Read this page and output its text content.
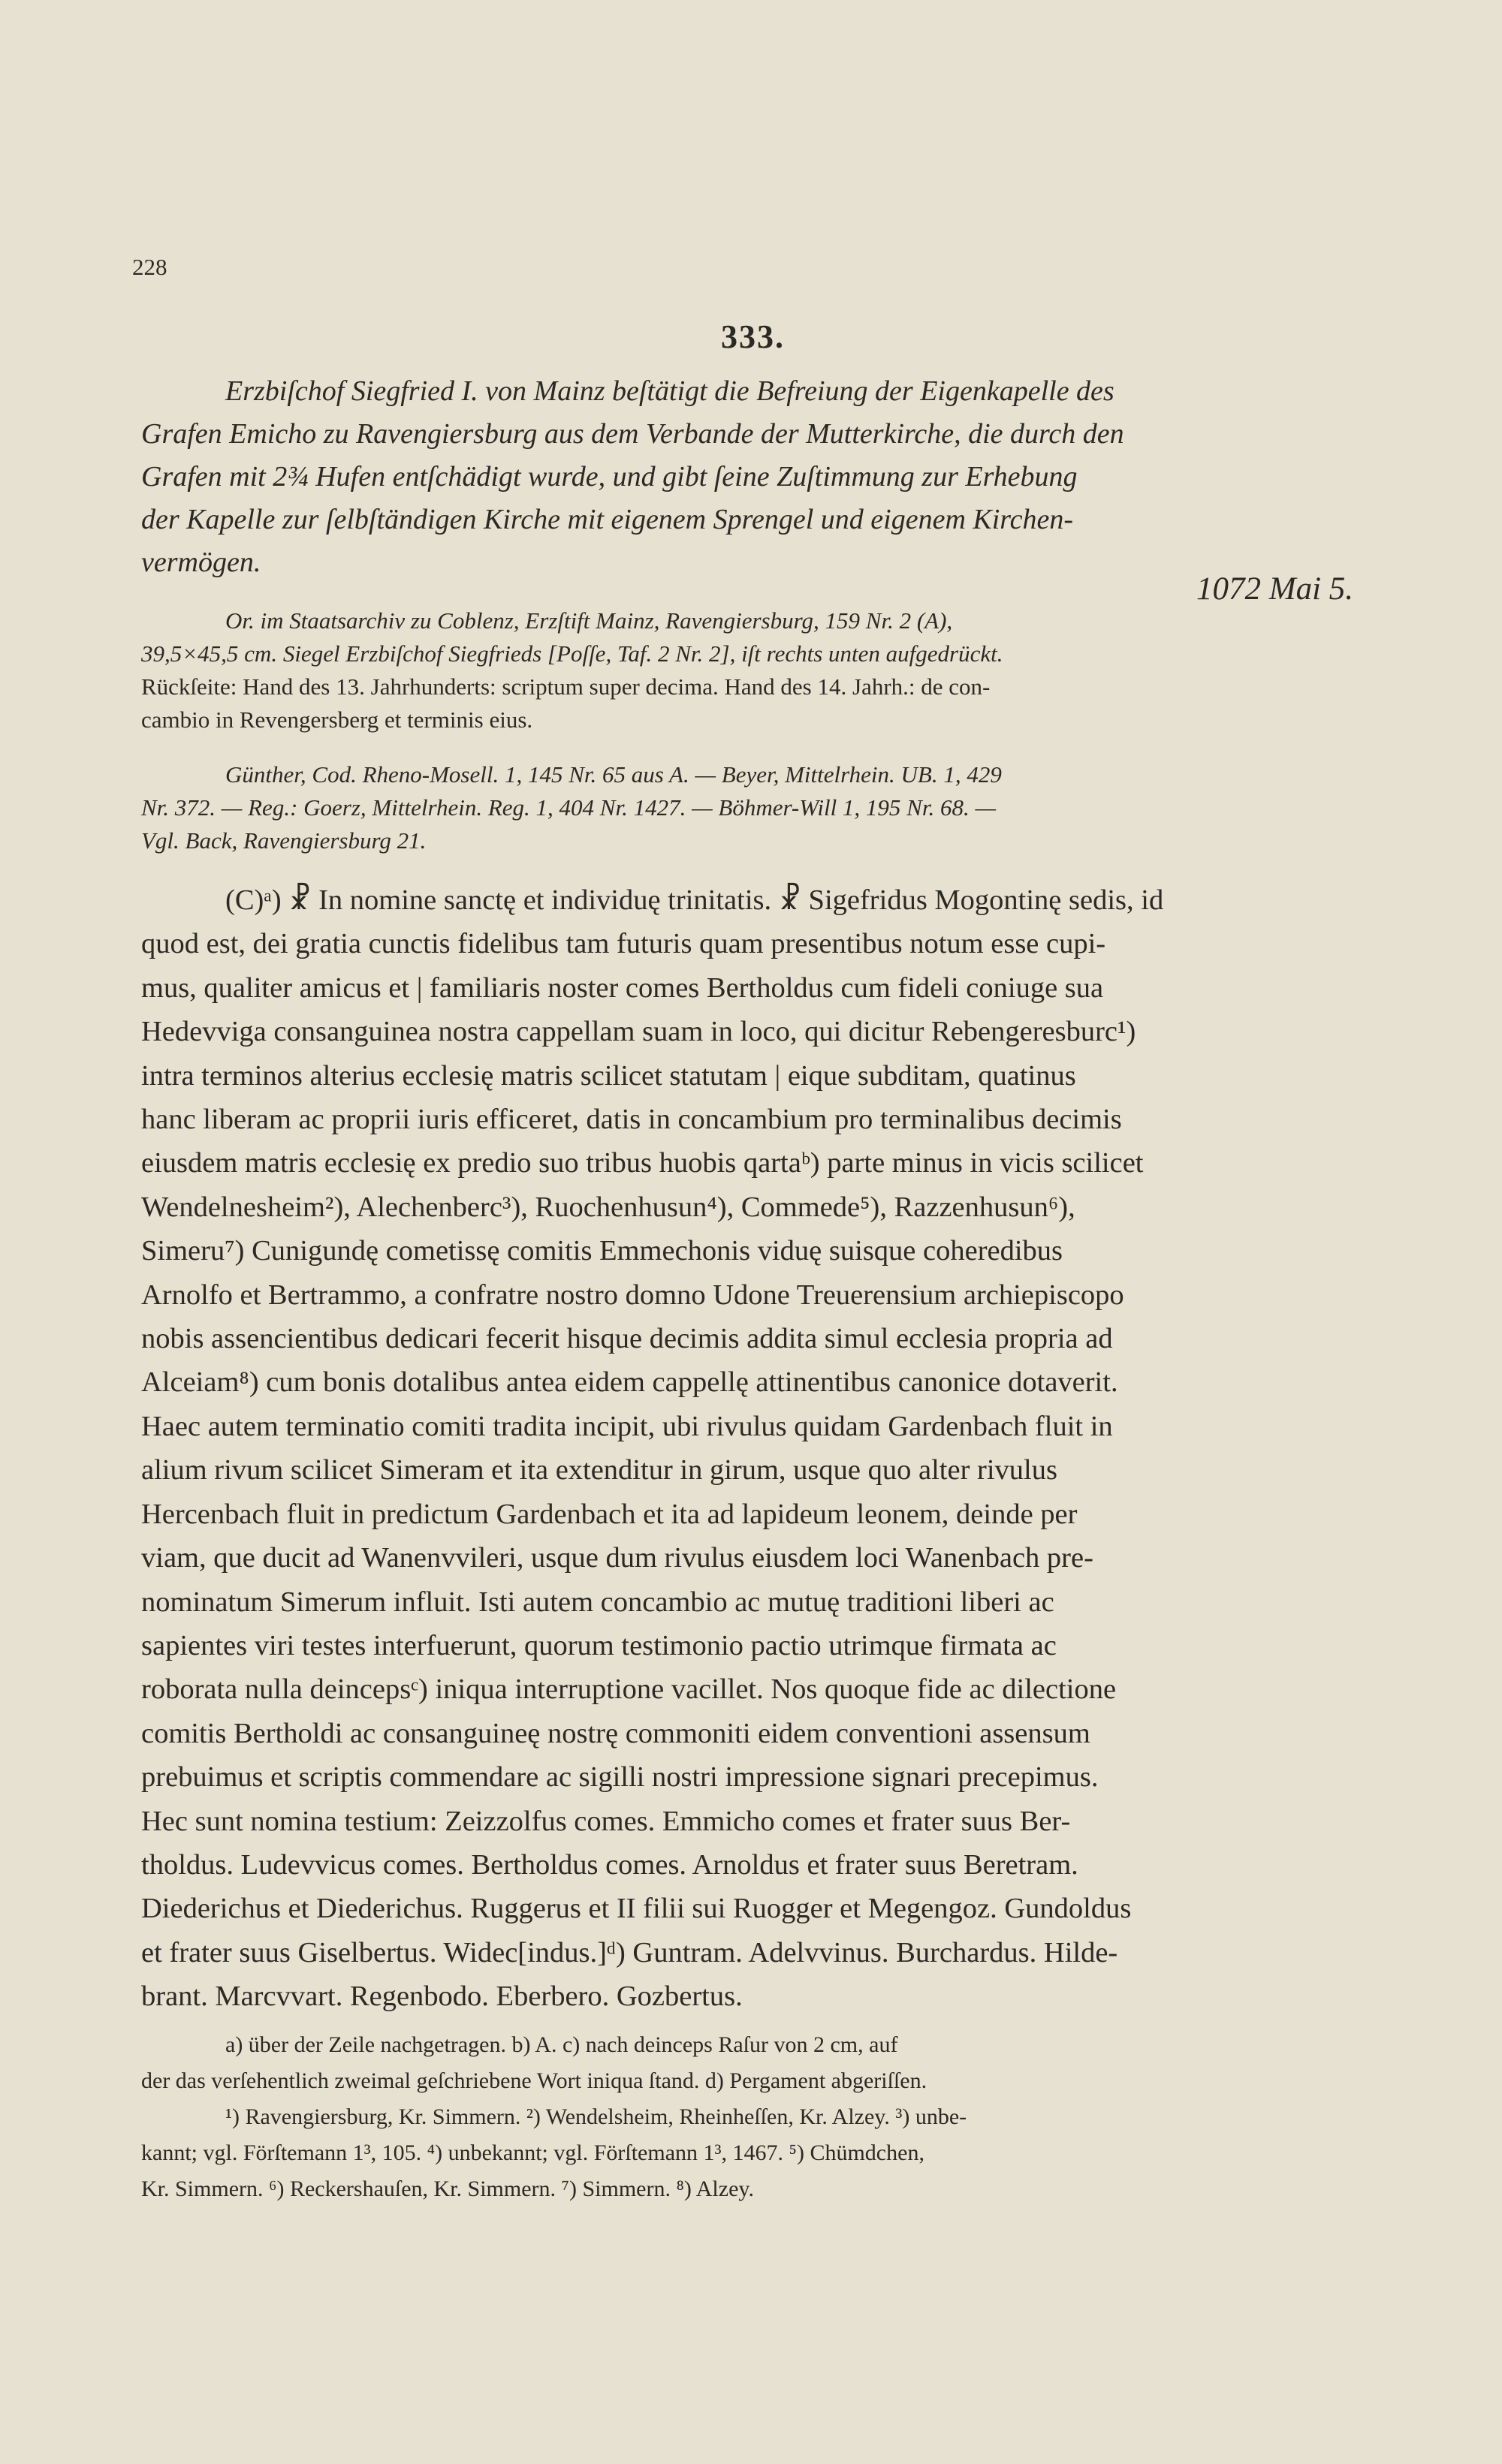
228
333.
Erzbiſchof Siegfried I. von Mainz beſtätigt die Befreiung der Eigenkapelle des
Grafen Emicho zu Ravengiersburg aus dem Verbande der Mutterkirche, die durch den
Grafen mit 2¾ Hufen entſchädigt wurde, und gibt ſeine Zuſtimmung zur Erhebung
der Kapelle zur ſelbſtändigen Kirche mit eigenem Sprengel und eigenem Kirchen-
vermögen.
1072 Mai 5.
Or. im Staatsarchiv zu Coblenz, Erzſtift Mainz, Ravengiersburg, 159 Nr. 2 (A),
39,5×45,5 cm. Siegel Erzbiſchof Siegfrieds [Poſſe, Taf. 2 Nr. 2], iſt rechts unten aufgedrückt.
Rückſeite: Hand des 13. Jahrhunderts: scriptum super decima. Hand des 14. Jahrh.: de con-
cambio in Revengersberg et terminis eius.
Günther, Cod. Rheno-Mosell. 1, 145 Nr. 65 aus A. — Beyer, Mittelrhein. UB. 1, 429
Nr. 372. — Reg.: Goerz, Mittelrhein. Reg. 1, 404 Nr. 1427. — Böhmer-Will 1, 195 Nr. 68. —
Vgl. Back, Ravengiersburg 21.
(C)ᵃ) ☧ In nomine sanctę et individuę trinitatis. ☧ Sigefridus Mogontinę sedis, id
quod est, dei gratia cunctis fidelibus tam futuris quam presentibus notum esse cupi-
mus, qualiter amicus et | familiaris noster comes Bertholdus cum fideli coniuge sua
Hedevviga consanguinea nostra cappellam suam in loco, qui dicitur Rebengeresburc¹)
intra terminos alterius ecclesię matris scilicet statutam | eique subditam, quatinus
hanc liberam ac proprii iuris efficeret, datis in concambium pro terminalibus decimis
eiusdem matris ecclesię ex predio suo tribus huobis qartaᵇ) parte minus in vicis scilicet
Wendelnesheim²), Alechenberc³), Ruochenhusun⁴), Commede⁵), Razzenhusun⁶),
Simeru⁷) Cunigundę cometissę comitis Emmechonis viduę suisque coheredibus
Arnolfo et Bertrammo, a confratre nostro domno Udone Treuerensium archiepiscopo
nobis assencientibus dedicari fecerit hisque decimis addita simul ecclesia propria ad
Alceiam⁸) cum bonis dotalibus antea eidem cappellę attinentibus canonice dotaverit.
Haec autem terminatio comiti tradita incipit, ubi rivulus quidam Gardenbach fluit in
alium rivum scilicet Simeram et ita extenditur in girum, usque quo alter rivulus
Hercenbach fluit in predictum Gardenbach et ita ad lapideum leonem, deinde per
viam, que ducit ad Wanenvvileri, usque dum rivulus eiusdem loci Wanenbach pre-
nominatum Simerum influit. Isti autem concambio ac mutuę traditioni liberi ac
sapientes viri testes interfuerunt, quorum testimonio pactio utrimque firmata ac
roborata nulla deincepsᶜ) iniqua interruptione vacillet. Nos quoque fide ac dilectione
comitis Bertholdi ac consanguineę nostrę commoniti eidem conventioni assensum
prebuimus et scriptis commendare ac sigilli nostri impressione signari precepimus.
Hec sunt nomina testium: Zeizzolfus comes. Emmicho comes et frater suus Ber-
tholdus. Ludevvicus comes. Bertholdus comes. Arnoldus et frater suus Beretram.
Diederichus et Diederichus. Ruggerus et II filii sui Ruogger et Megengoz. Gundoldus
et frater suus Giselbertus. Widec[indus.]ᵈ) Guntram. Adelvvinus. Burchardus. Hilde-
brant. Marcvvart. Regenbodo. Eberbero. Gozbertus.
a) über der Zeile nachgetragen. b) A. c) nach deinceps Raſur von 2 cm, auf
der das verſehentlich zweimal geſchriebene Wort iniqua ſtand. d) Pergament abgeriſſen.
¹) Ravengiersburg, Kr. Simmern. ²) Wendelsheim, Rheinheſſen, Kr. Alzey. ³) unbe-
kannt; vgl. Förſtemann 1³, 105. ⁴) unbekannt; vgl. Förſtemann 1³, 1467. ⁵) Chümdchen,
Kr. Simmern. ⁶) Reckershauſen, Kr. Simmern. ⁷) Simmern. ⁸) Alzey.
